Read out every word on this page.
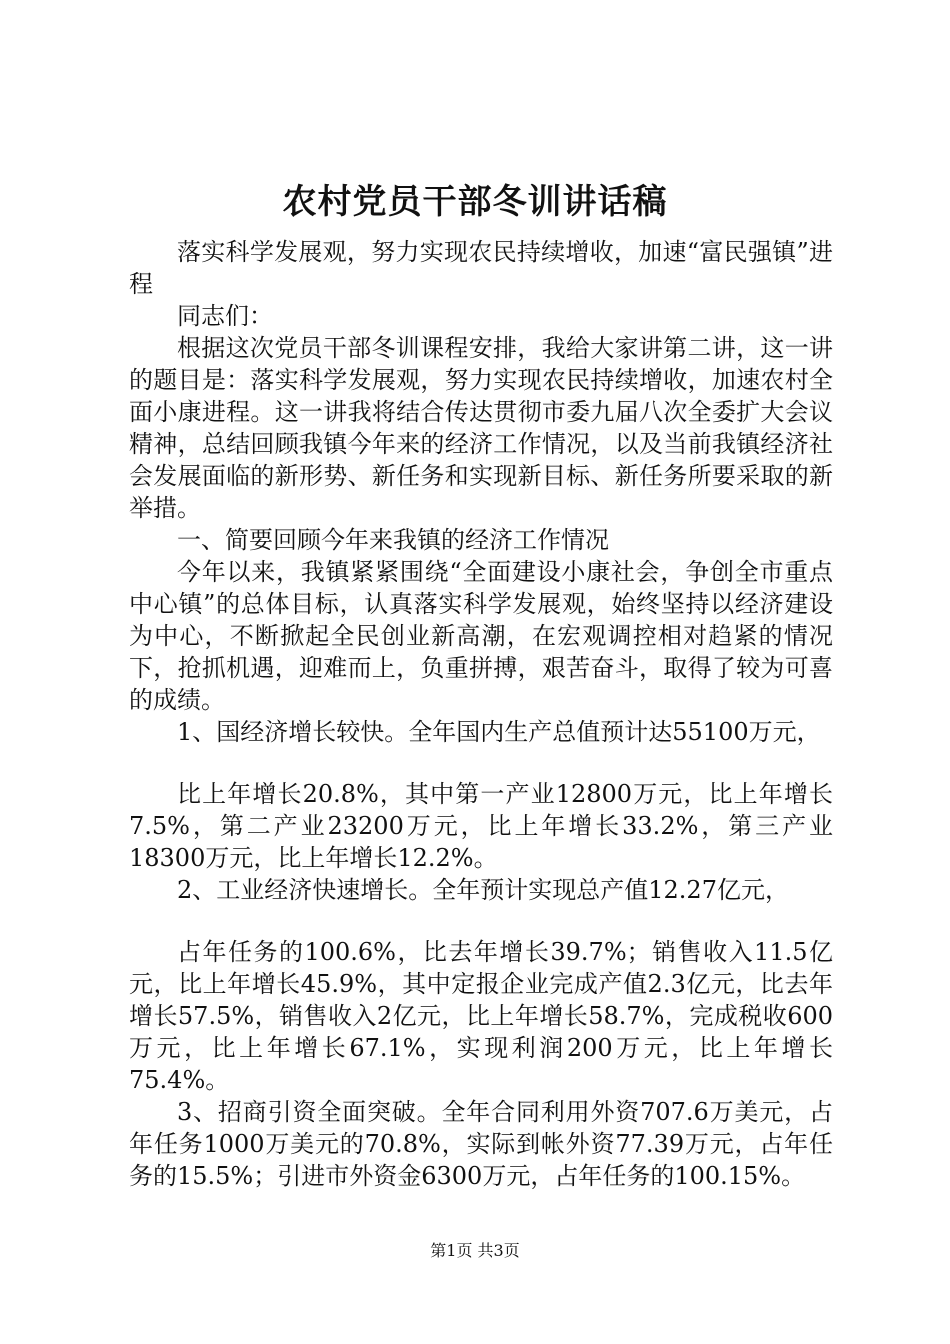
农村党员干部冬训讲话稿

落实科学发展观，努力实现农民持续增收，加速“富民强镇”进程

同志们：

根据这次党员干部冬训课程安排，我给大家讲第二讲，这一讲的题目是：落实科学发展观，努力实现农民持续增收，加速农村全面小康进程。这一讲我将结合传达贯彻市委九届八次全委扩大会议精神，总结回顾我镇今年来的经济工作情况，以及当前我镇经济社会发展面临的新形势、新任务和实现新目标、新任务所要采取的新举措。

一、简要回顾今年来我镇的经济工作情况

今年以来，我镇紧紧围绕“全面建设小康社会，争创全市重点中心镇”的总体目标，认真落实科学发展观，始终坚持以经济建设为中心，不断掀起全民创业新高潮，在宏观调控相对趋紧的情况下，抢抓机遇，迎难而上，负重拼搏，艰苦奋斗，取得了较为可喜的成绩。

1、国经济增长较快。全年国内生产总值预计达55100万元，

比上年增长20.8%，其中第一产业12800万元，比上年增长7.5%，第二产业23200万元，比上年增长33.2%，第三产业18300万元，比上年增长12.2%。

2、工业经济快速增长。全年预计实现总产值12.27亿元，

占年任务的100.6%，比去年增长39.7%；销售收入11.5亿元，比上年增长45.9%，其中定报企业完成产值2.3亿元，比去年增长57.5%，销售收入2亿元，比上年增长58.7%，完成税收600万元，比上年增长67.1%，实现利润200万元，比上年增长75.4%。

3、招商引资全面突破。全年合同利用外资707.6万美元，占年任务1000万美元的70.8%，实际到帐外资77.39万元，占年任务的15.5%；引进市外资金6300万元，占年任务的100.15%。

第1页 共3页
